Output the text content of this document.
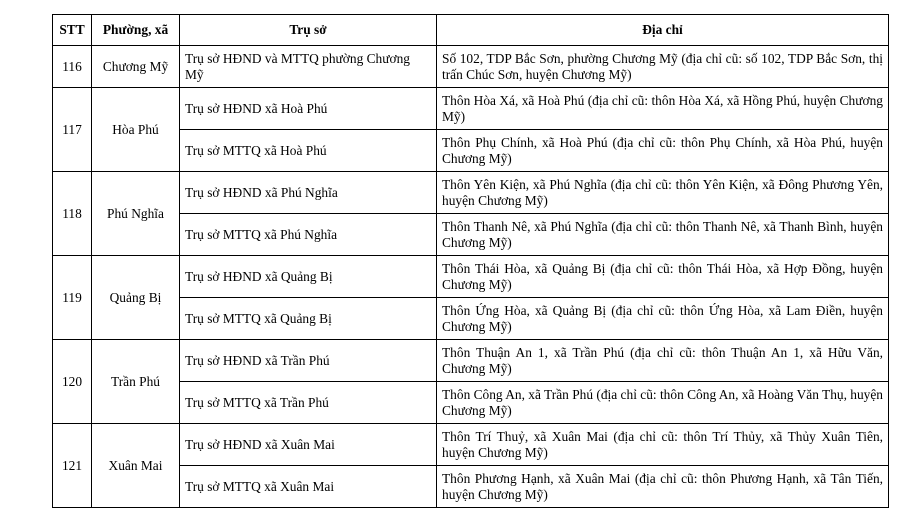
STT	Phường, xã	Trụ sở	Địa chỉ
116	Chương Mỹ	Trụ sở HĐND và MTTQ phường Chương Mỹ	Số 102, TDP Bắc Sơn, phường Chương Mỹ (địa chỉ cũ: số 102, TDP Bắc Sơn, thị trấn Chúc Sơn, huyện Chương Mỹ)
117	Hòa Phú	Trụ sở HĐND xã Hoà Phú	Thôn Hòa Xá, xã Hoà Phú (địa chỉ cũ: thôn Hòa Xá, xã Hồng Phú, huyện Chương Mỹ)
		Trụ sở MTTQ xã Hoà Phú	Thôn Phụ Chính, xã Hoà Phú (địa chỉ cũ: thôn Phụ Chính, xã Hòa Phú, huyện Chương Mỹ)
118	Phú Nghĩa	Trụ sở HĐND xã Phú Nghĩa	Thôn Yên Kiện, xã Phú Nghĩa (địa chỉ cũ: thôn Yên Kiện, xã Đông Phương Yên, huyện Chương Mỹ)
		Trụ sở MTTQ xã Phú Nghĩa	Thôn Thanh Nê, xã Phú Nghĩa (địa chỉ cũ: thôn Thanh Nê, xã Thanh Bình, huyện Chương Mỹ)
119	Quảng Bị	Trụ sở HĐND xã Quảng Bị	Thôn Thái Hòa, xã Quảng Bị (địa chỉ cũ: thôn Thái Hòa, xã Hợp Đồng, huyện Chương Mỹ)
		Trụ sở MTTQ xã Quảng Bị	Thôn Ứng Hòa, xã Quảng Bị (địa chỉ cũ: thôn Ứng Hòa, xã Lam Điền, huyện Chương Mỹ)
120	Trần Phú	Trụ sở HĐND xã Trần Phú	Thôn Thuận An 1, xã Trần Phú (địa chỉ cũ: thôn Thuận An 1, xã Hữu Văn, Chương Mỹ)
		Trụ sở MTTQ xã Trần Phú	Thôn Công An, xã Trần Phú (địa chỉ cũ: thôn Công An, xã Hoàng Văn Thụ, huyện Chương Mỹ)
121	Xuân Mai	Trụ sở HĐND xã Xuân Mai	Thôn Trí Thuỷ, xã Xuân Mai (địa chỉ cũ: thôn Trí Thủy, xã Thủy Xuân Tiên, huyện Chương Mỹ)
		Trụ sở MTTQ xã Xuân Mai	Thôn Phương Hạnh, xã Xuân Mai (địa chỉ cũ: thôn Phương Hạnh, xã Tân Tiến, huyện Chương Mỹ)
